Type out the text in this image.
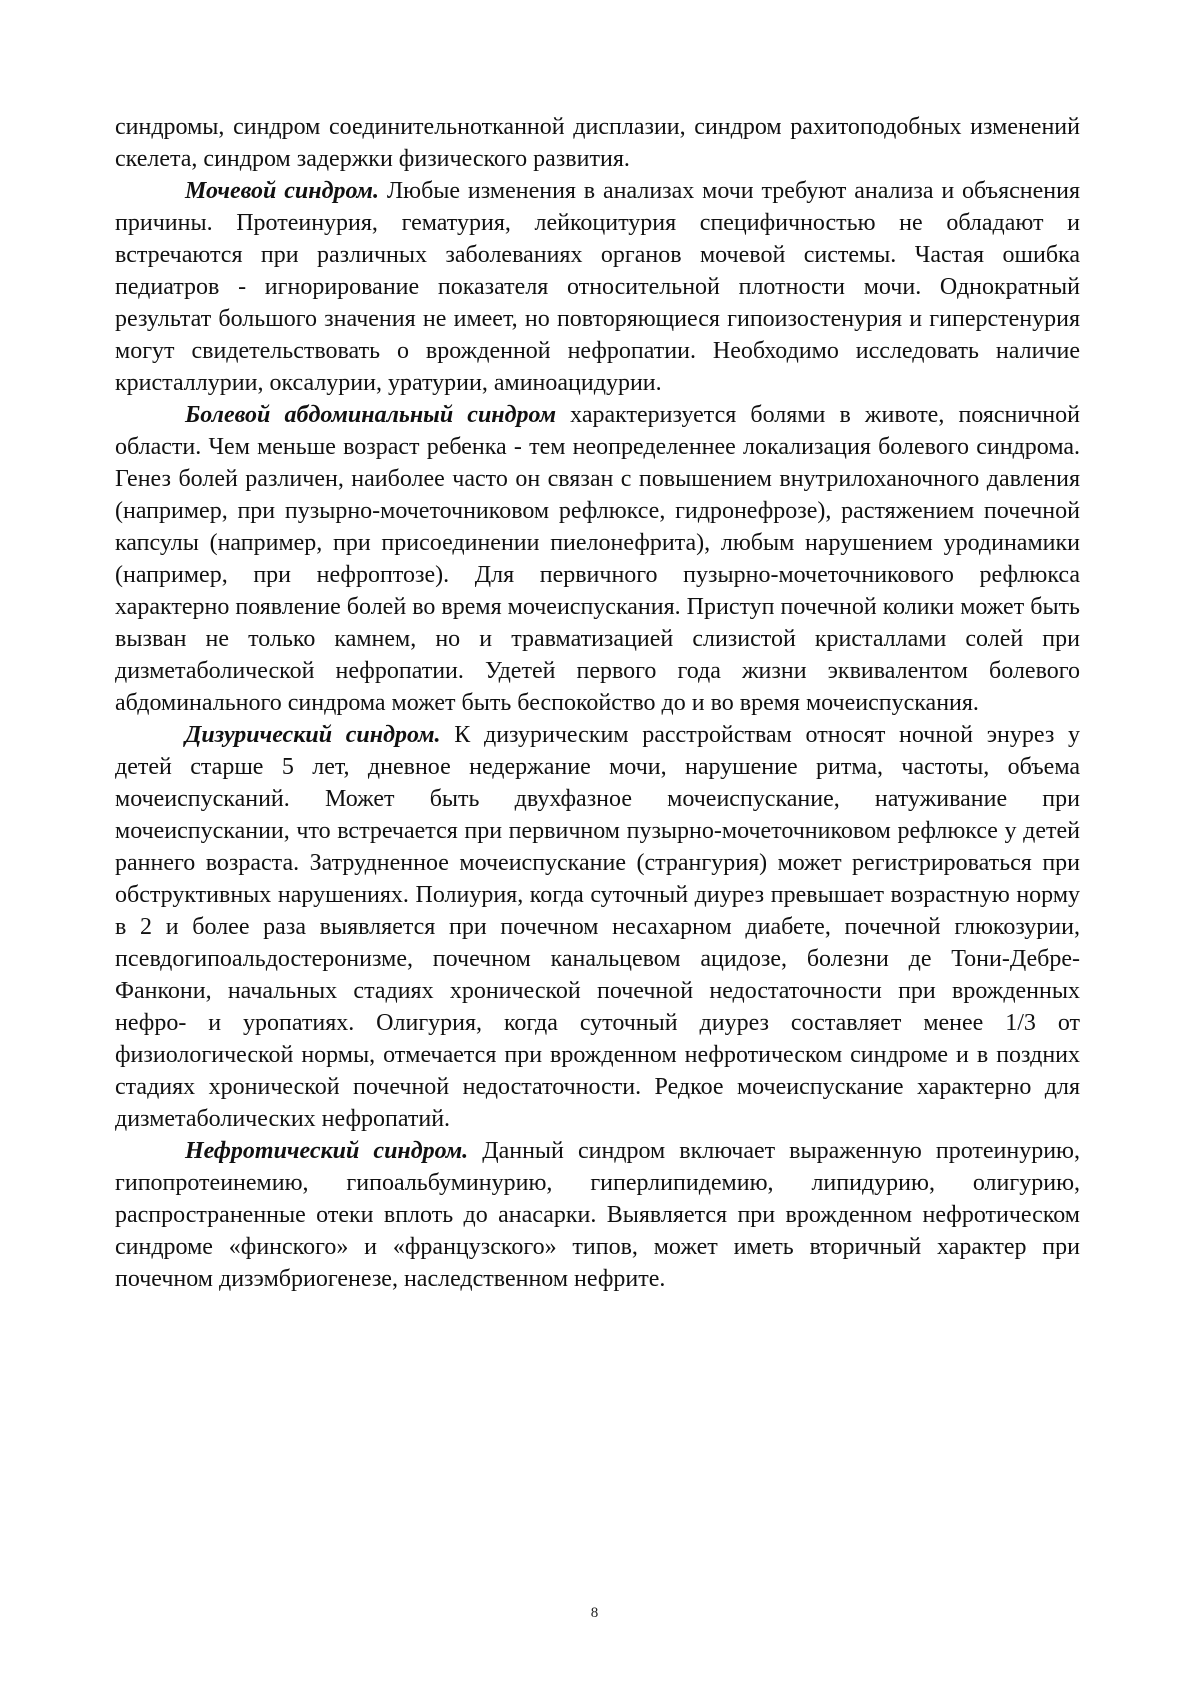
синдромы, синдром соединительнотканной дисплазии, синдром рахитоподобных изменений скелета, синдром задержки физического развития.

Мочевой синдром. Любые изменения в анализах мочи требуют анализа и объяснения причины. Протеинурия, гематурия, лейкоцитурия специфичностью не обладают и встречаются при различных заболеваниях органов мочевой системы. Частая ошибка педиатров - игнорирование показателя относительной плотности мочи. Однократный результат большого значения не имеет, но повторяющиеся гипоизостенурия и гиперстенурия могут свидетельствовать о врожденной нефропатии. Необходимо исследовать наличие кристаллурии, оксалурии, уратурии, аминоацидурии.

Болевой абдоминальный синдром характеризуется болями в животе, поясничной области. Чем меньше возраст ребенка - тем неопределеннее локализация болевого синдрома. Генез болей различен, наиболее часто он связан с повышением внутрилоханочного давления (например, при пузырно-мочеточниковом рефлюксе, гидронефрозе), растяжением почечной капсулы (например, при присоединении пиелонефрита), любым нарушением уродинамики (например, при нефроптозе). Для первичного пузырно-мочеточникового рефлюкса характерно появление болей во время мочеиспускания. Приступ почечной колики может быть вызван не только камнем, но и травматизацией слизистой кристаллами солей при дизметаболической нефропатии. Удетей первого года жизни эквивалентом болевого абдоминального синдрома может быть беспокойство до и во время мочеиспускания.

Дизурический синдром. К дизурическим расстройствам относят ночной энурез у детей старше 5 лет, дневное недержание мочи, нарушение ритма, частоты, объема мочеиспусканий. Может быть двухфазное мочеиспускание, натуживание при мочеиспускании, что встречается при первичном пузырно-мочеточниковом рефлюксе у детей раннего возраста. Затрудненное мочеиспускание (странгурия) может регистрироваться при обструктивных нарушениях. Полиурия, когда суточный диурез превышает возрастную норму в 2 и более раза выявляется при почечном несахарном диабете, почечной глюкозурии, псевдогипоальдостеронизме, почечном канальцевом ацидозе, болезни де Тони-Дебре-Фанкони, начальных стадиях хронической почечной недостаточности при врожденных нефро- и уропатиях. Олигурия, когда суточный диурез составляет менее 1/3 от физиологической нормы, отмечается при врожденном нефротическом синдроме и в поздних стадиях хронической почечной недостаточности. Редкое мочеиспускание характерно для дизметаболических нефропатий.

Нефротический синдром. Данный синдром включает выраженную протеинурию, гипопротеинемию, гипоальбуминурию, гиперлипидемию, липидурию, олигурию, распространенные отеки вплоть до анасарки. Выявляется при врожденном нефротическом синдроме «финского» и «французского» типов, может иметь вторичный характер при почечном дизэмбриогенезе, наследственном нефрите.

8
